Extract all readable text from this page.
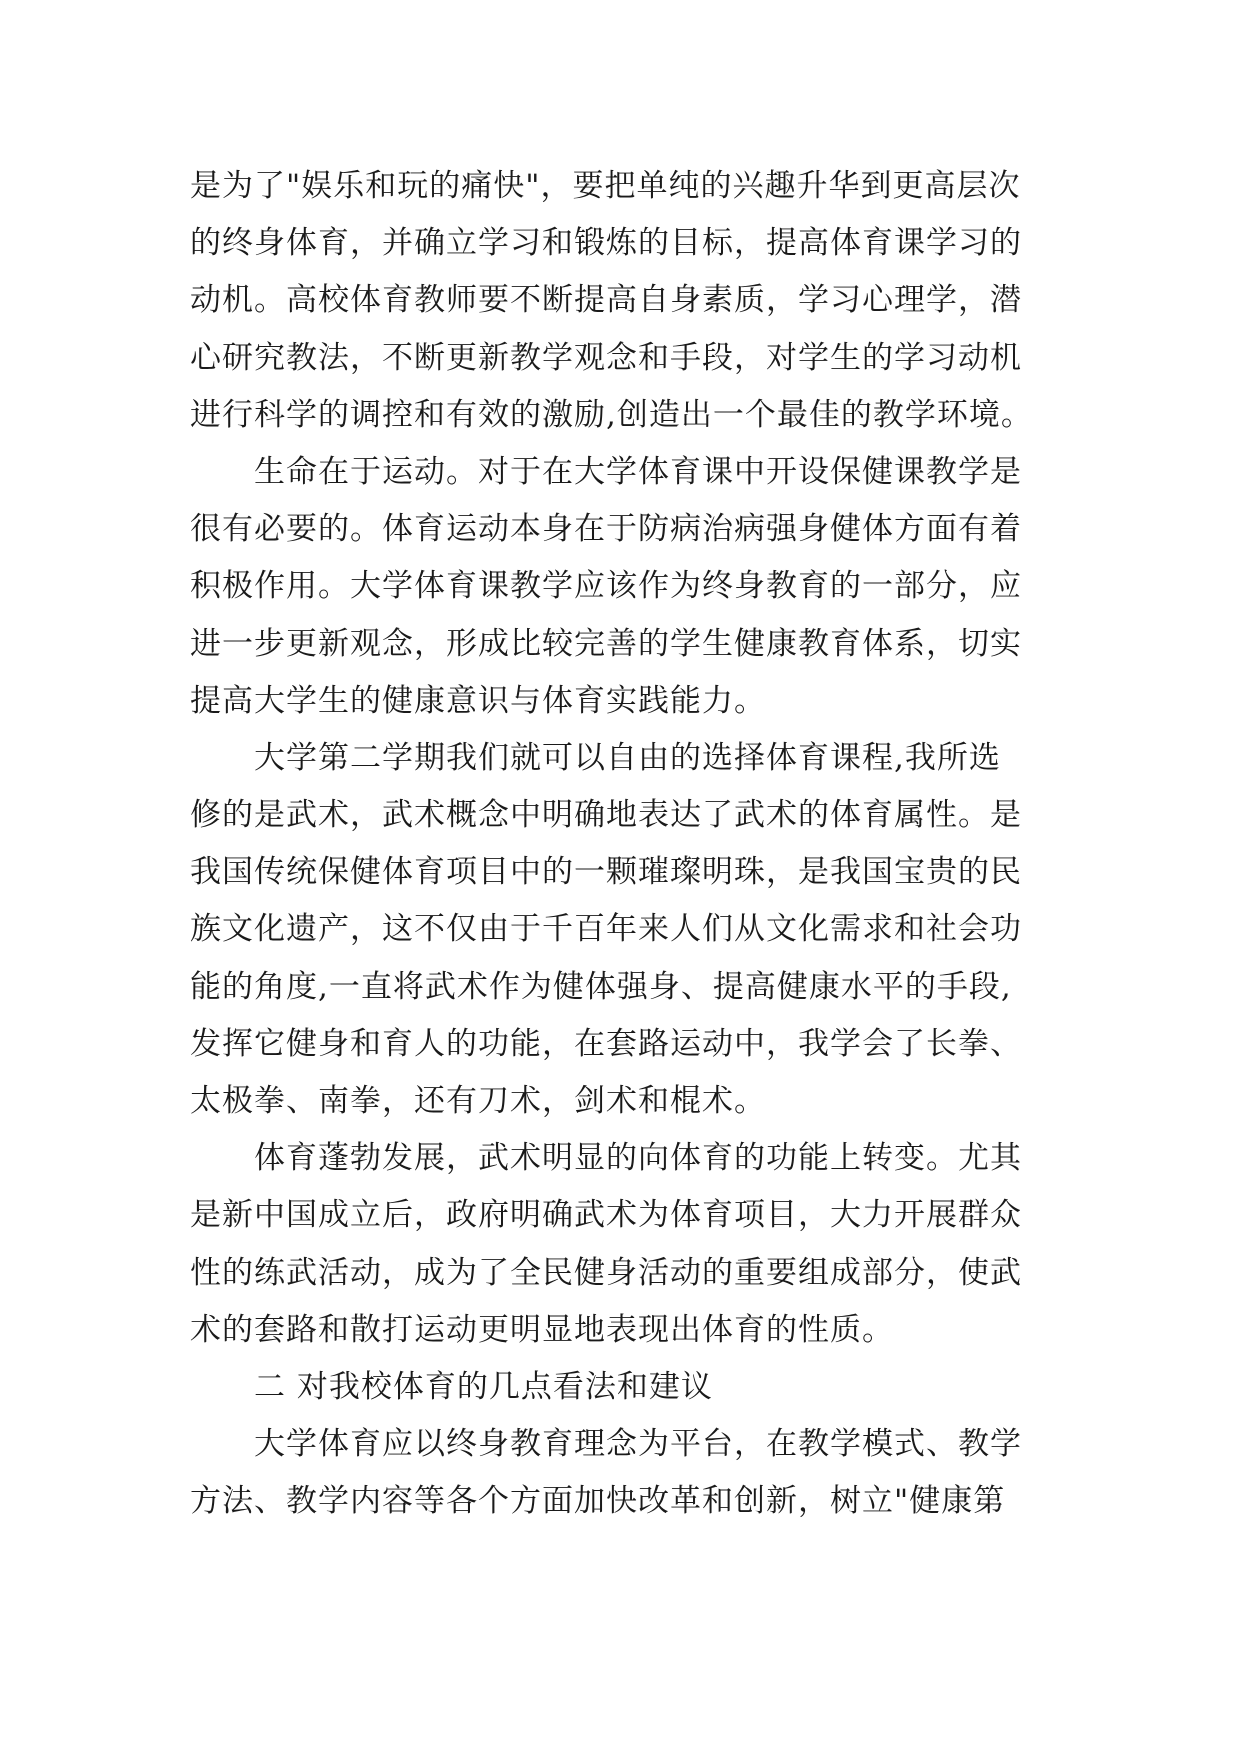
是为了"娱乐和玩的痛快"，要把单纯的兴趣升华到更高层次
的终身体育，并确立学习和锻炼的目标，提高体育课学习的
动机。高校体育教师要不断提高自身素质，学习心理学，潜
心研究教法，不断更新教学观念和手段，对学生的学习动机
进行科学的调控和有效的激励,创造出一个最佳的教学环境。
生命在于运动。对于在大学体育课中开设保健课教学是
很有必要的。体育运动本身在于防病治病强身健体方面有着
积极作用。大学体育课教学应该作为终身教育的一部分，应
进一步更新观念，形成比较完善的学生健康教育体系，切实
提高大学生的健康意识与体育实践能力。
大学第二学期我们就可以自由的选择体育课程,我所选
修的是武术，武术概念中明确地表达了武术的体育属性。是
我国传统保健体育项目中的一颗璀璨明珠，是我国宝贵的民
族文化遗产，这不仅由于千百年来人们从文化需求和社会功
能的角度,一直将武术作为健体强身、提高健康水平的手段,
发挥它健身和育人的功能，在套路运动中，我学会了长拳、
太极拳、南拳，还有刀术，剑术和棍术。
体育蓬勃发展，武术明显的向体育的功能上转变。尤其
是新中国成立后，政府明确武术为体育项目，大力开展群众
性的练武活动，成为了全民健身活动的重要组成部分，使武
术的套路和散打运动更明显地表现出体育的性质。
二 对我校体育的几点看法和建议
大学体育应以终身教育理念为平台，在教学模式、教学
方法、教学内容等各个方面加快改革和创新，树立"健康第
